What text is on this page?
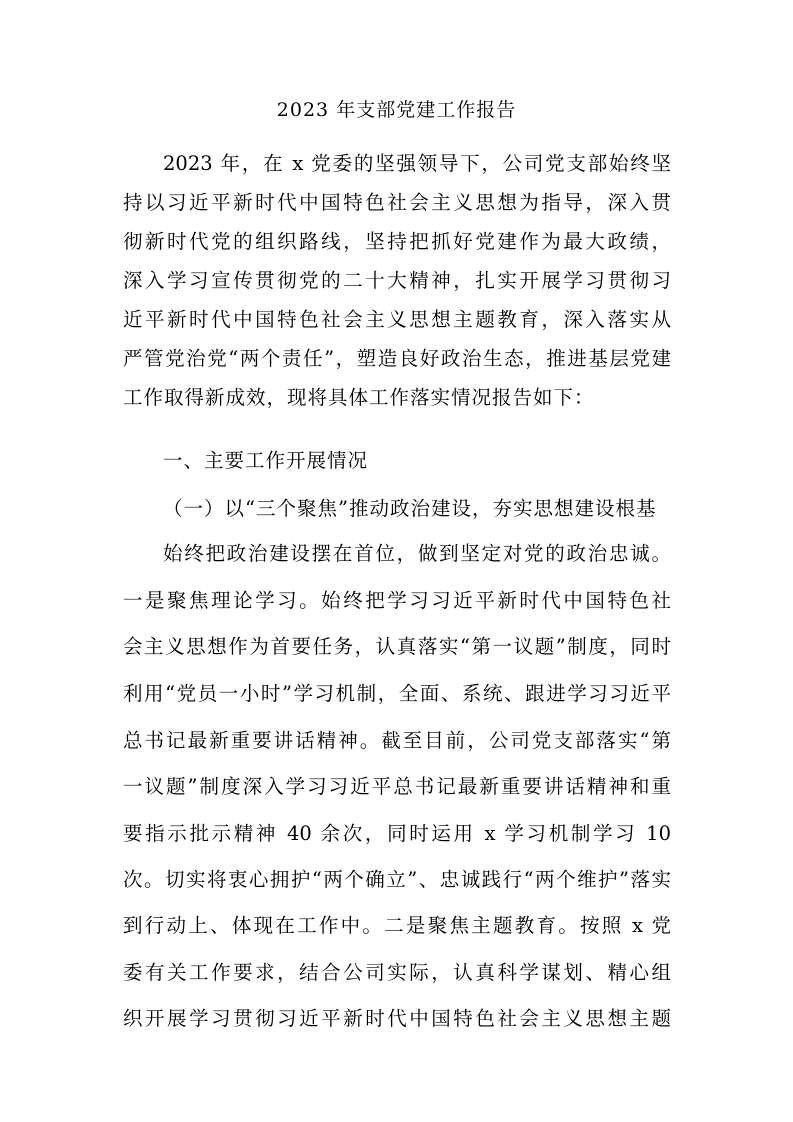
2023 年支部党建工作报告
2023 年，在 x 党委的坚强领导下，公司党支部始终坚
持以习近平新时代中国特色社会主义思想为指导，深入贯
彻新时代党的组织路线，坚持把抓好党建作为最大政绩，
深入学习宣传贯彻党的二十大精神，扎实开展学习贯彻习
近平新时代中国特色社会主义思想主题教育，深入落实从
严管党治党“两个责任”，塑造良好政治生态，推进基层党建
工作取得新成效，现将具体工作落实情况报告如下：
一、主要工作开展情况
（一）以“三个聚焦”推动政治建设，夯实思想建设根基
始终把政治建设摆在首位，做到坚定对党的政治忠诚。
一是聚焦理论学习。始终把学习习近平新时代中国特色社
会主义思想作为首要任务，认真落实“第一议题”制度，同时
利用“党员一小时”学习机制，全面、系统、跟进学习习近平
总书记最新重要讲话精神。截至目前，公司党支部落实“第
一议题”制度深入学习习近平总书记最新重要讲话精神和重
要指示批示精神 40 余次，同时运用 x 学习机制学习 10
次。切实将衷心拥护“两个确立”、忠诚践行“两个维护”落实
到行动上、体现在工作中。二是聚焦主题教育。按照 x 党
委有关工作要求，结合公司实际，认真科学谋划、精心组
织开展学习贯彻习近平新时代中国特色社会主义思想主题
